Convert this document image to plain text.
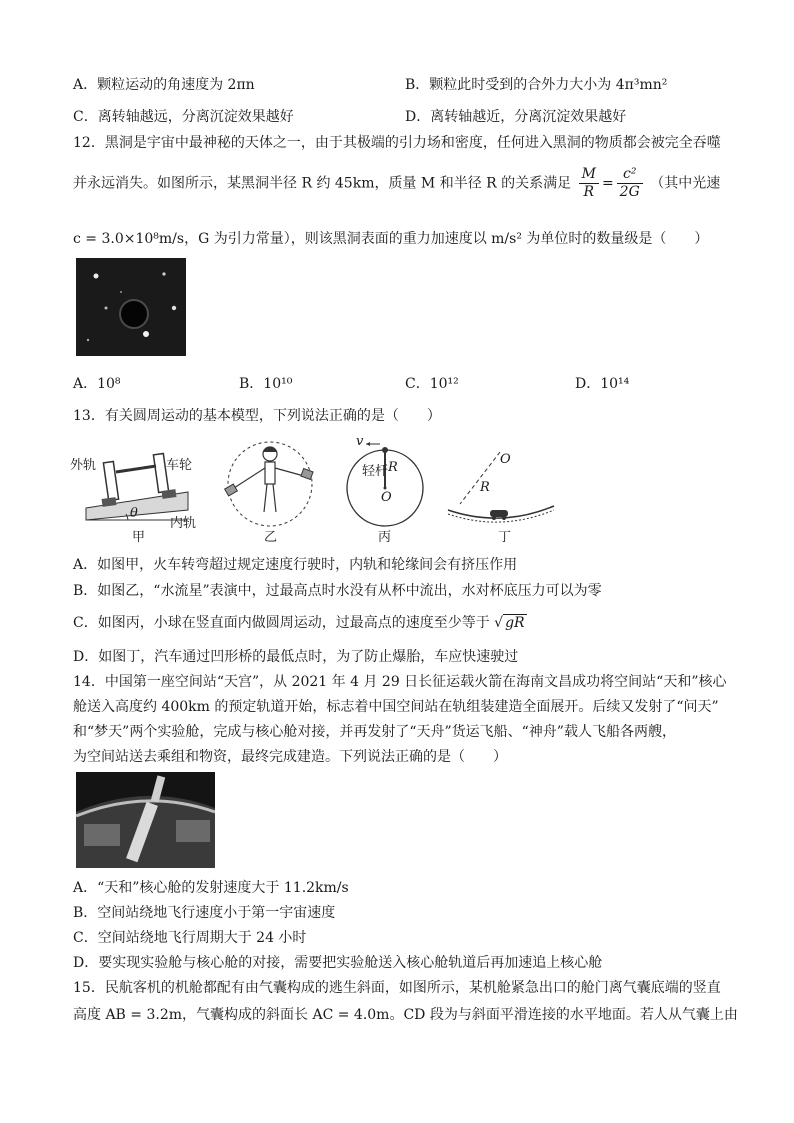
A．颗粒运动的角速度为 2πn	B．颗粒此时受到的合外力大小为 4π³mn²
C．离转轴越远，分离沉淀效果越好	D．离转轴越近，分离沉淀效果越好
12．黑洞是宇宙中最神秘的天体之一，由于其极端的引力场和密度，任何进入黑洞的物质都会被完全吞噬
并永远消失。如图所示，某黑洞半径 R 约 45km，质量 M 和半径 R 的关系满足 $\frac{M}{R} = \frac{\text{c²}}{2G}$ （其中光速
c = 3.0×10⁸m/s，G 为引力常量），则该黑洞表面的重力加速度以 m/s² 为单位时的数量级是（　　）
A．10⁸	B．10¹⁰	C．10¹²	D．10¹⁴
13．有关圆周运动的基本模型，下列说法正确的是（　　）
外轨	车轮
θ
内轨
甲	乙
v
轻杆 R
O
丙
O
R
丁
A．如图甲，火车转弯超过规定速度行驶时，内轨和轮缘间会有挤压作用
B．如图乙，“水流星”表演中，过最高点时水没有从杯中流出，水对杯底压力可以为零
C．如图丙，小球在竖直面内做圆周运动，过最高点的速度至少等于 √ gR
D．如图丁，汽车通过凹形桥的最低点时，为了防止爆胎，车应快速驶过
14．中国第一座空间站“天宫”，从 2021 年 4 月 29 日长征运载火箭在海南文昌成功将空间站“天和”核心
舱送入高度约 400km 的预定轨道开始，标志着中国空间站在轨组装建造全面展开。后续又发射了“问天”
和“梦天”两个实验舱，完成与核心舱对接，并再发射了“天舟”货运飞船、“神舟”载人飞船各两艘，
为空间站送去乘组和物资，最终完成建造。下列说法正确的是（　　）
A．“天和”核心舱的发射速度大于 11.2km/s
B．空间站绕地飞行速度小于第一宇宙速度
C．空间站绕地飞行周期大于 24 小时
D．要实现实验舱与核心舱的对接，需要把实验舱送入核心舱轨道后再加速追上核心舱
15．民航客机的机舱都配有由气囊构成的逃生斜面，如图所示，某机舱紧急出口的舱门离气囊底端的竖直
高度 AB = 3.2m，气囊构成的斜面长 AC = 4.0m。CD 段为与斜面平滑连接的水平地面。若人从气囊上由
